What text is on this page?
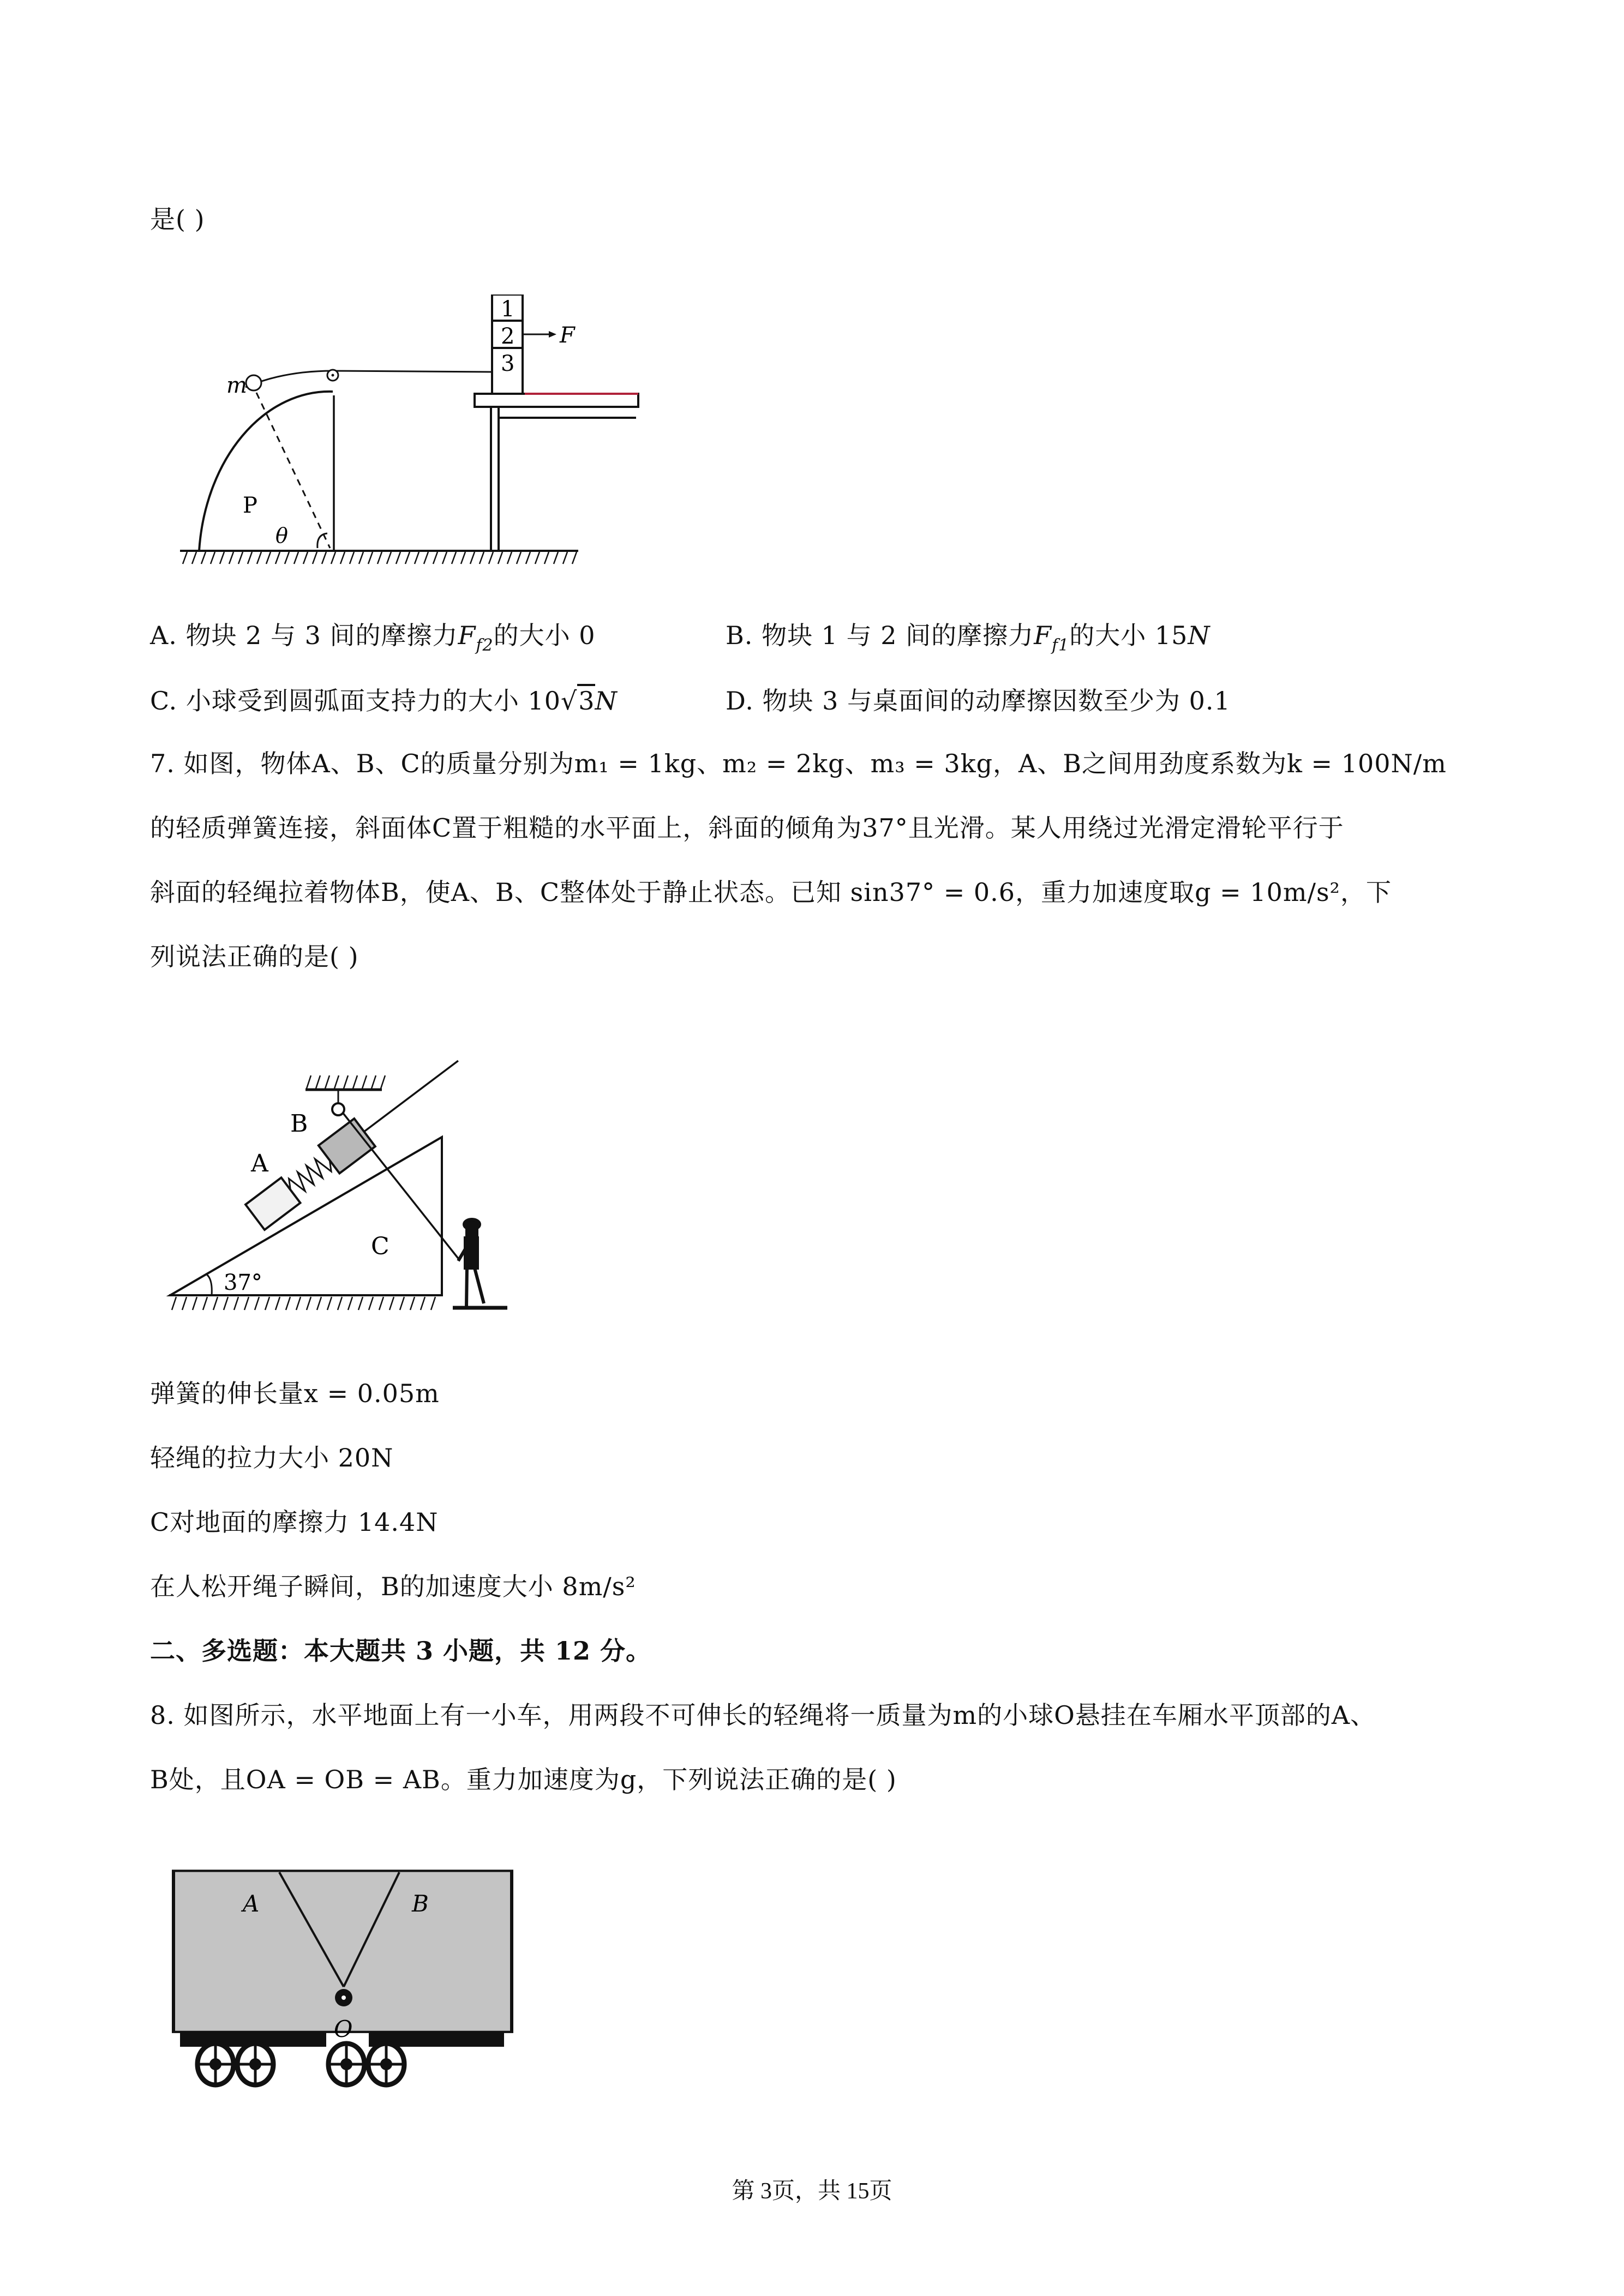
是( )
m
P
θ
1
2
3
F
A. 物块 2 与 3 间的摩擦力$F_{f2}$的大小 0	B. 物块 1 与 2 间的摩擦力$F_{f1}$的大小 15N
C. 小球受到圆弧面支持力的大小 10√3N	D. 物块 3 与桌面间的动摩擦因数至少为 0.1
7. 如图，物体A、B、C的质量分别为m₁ = 1kg、m₂ = 2kg、m₃ = 3kg，A、B之间用劲度系数为k = 100N/m
的轻质弹簧连接，斜面体C置于粗糙的水平面上，斜面的倾角为37°且光滑。某人用绕过光滑定滑轮平行于
斜面的轻绳拉着物体B，使A、B、C整体处于静止状态。已知 sin37° = 0.6，重力加速度取g = 10m/s²，下
列说法正确的是( )
37°
C
A
B
弹簧的伸长量x = 0.05m
轻绳的拉力大小 20N
C对地面的摩擦力 14.4N
在人松开绳子瞬间，B的加速度大小 8m/s²
二、多选题：本大题共 3 小题，共 12 分。
8. 如图所示，水平地面上有一小车，用两段不可伸长的轻绳将一质量为m的小球O悬挂在车厢水平顶部的A、
B处，且OA = OB = AB。重力加速度为g，下列说法正确的是( )
A	B
O
第 3页，共 15页
